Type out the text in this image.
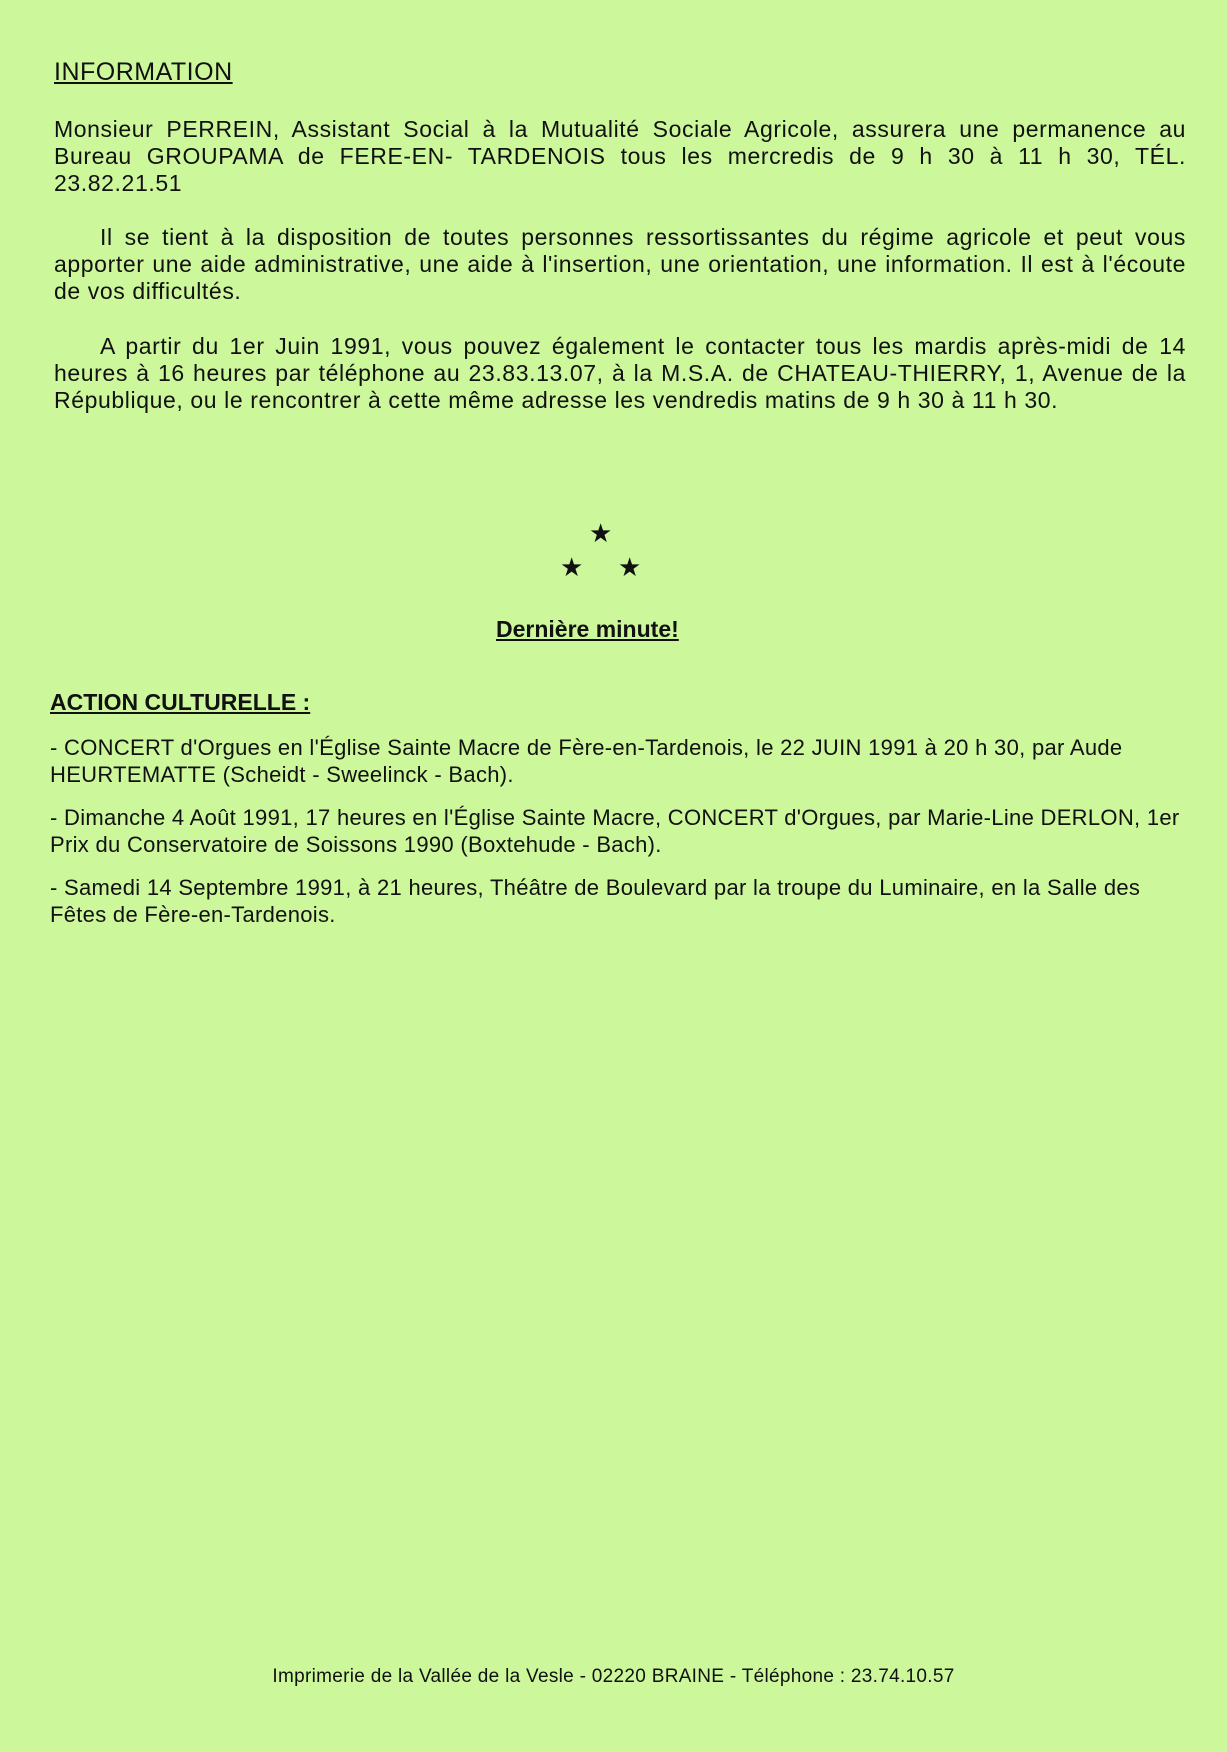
INFORMATION

Monsieur PERREIN, Assistant Social à la Mutualité Sociale Agricole, assurera une permanence au Bureau GROUPAMA de FERE-EN- TARDENOIS tous les mercredis de 9 h 30 à 11 h 30, TÉL. 23.82.21.51

Il se tient à la disposition de toutes personnes ressortissantes du régime agricole et peut vous apporter une aide administrative, une aide à l'insertion, une orientation, une information. Il est à l'écoute de vos difficultés.

A partir du 1er Juin 1991, vous pouvez également le contacter tous les mardis après-midi de 14 heures à 16 heures par téléphone au 23.83.13.07, à la M.S.A. de CHATEAU-THIERRY, 1, Avenue de la République, ou le rencontrer à cette même adresse les vendredis matins de 9 h 30 à 11 h 30.

★
★ ★

Dernière minute!

ACTION CULTURELLE :

- CONCERT d'Orgues en l'Église Sainte Macre de Fère-en-Tardenois, le 22 JUIN 1991 à 20 h 30, par Aude HEURTEMATTE (Scheidt - Sweelinck - Bach).

- Dimanche 4 Août 1991, 17 heures en l'Église Sainte Macre, CONCERT d'Orgues, par Marie-Line DERLON, 1er Prix du Conservatoire de Soissons 1990 (Boxtehude - Bach).

- Samedi 14 Septembre 1991, à 21 heures, Théâtre de Boulevard par la troupe du Luminaire, en la Salle des Fêtes de Fère-en-Tardenois.

Imprimerie de la Vallée de la Vesle - 02220 BRAINE - Téléphone : 23.74.10.57
